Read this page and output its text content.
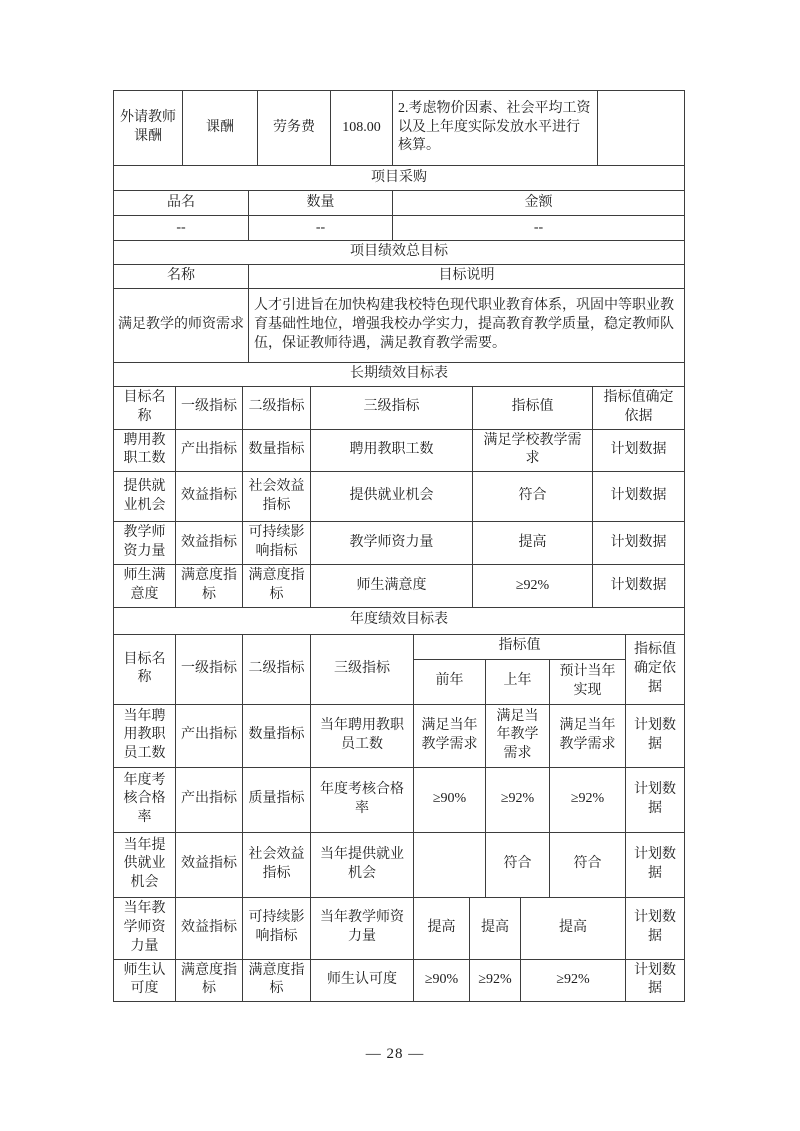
外请教师课酬	课酬		劳务费	108.00	2.考虑物价因素、社会平均工资以及上年度实际发放水平进行核算。	
项目采购						
品名		数量			金额	
--		--			--	
项目绩效总目标						
名称		目标说明				
满足教学的师资需求		人才引进旨在加快构建我校特色现代职业教育体系，巩固中等职业教育基础性地位，增强我校办学实力，提高教育教学质量，稳定教师队伍，保证教师待遇，满足教育教学需要。				
长期绩效目标表						
目标名称	一级指标	二级指标	三级指标	指标值	指标值确定依据
聘用教职工数	产出指标	数量指标	聘用教职工数	满足学校教学需求	计划数据
提供就业机会	效益指标	社会效益指标	提供就业机会	符合	计划数据
教学师资力量	效益指标	可持续影响指标	教学师资力量	提高	计划数据
师生满意度	满意度指标	满意度指标	师生满意度	≥92%	计划数据
年度绩效目标表									
目标名称	一级指标	二级指标	三级指标	指标值					指标值确定依据
				前年		上年		预计当年实现	
当年聘用教职员工数	产出指标	数量指标	当年聘用教职员工数	满足当年教学需求		满足当年教学需求		满足当年教学需求	计划数据
年度考核合格率	产出指标	质量指标	年度考核合格率	≥90%		≥92%		≥92%	计划数据
当年提供就业机会	效益指标	社会效益指标	当年提供就业机会			符合		符合	计划数据
当年教学师资力量	效益指标	可持续影响指标	当年教学师资力量	提高	提高		提高		计划数据
师生认可度	满意度指标	满意度指标	师生认可度	≥90%	≥92%		≥92%		计划数据
— 28 —
